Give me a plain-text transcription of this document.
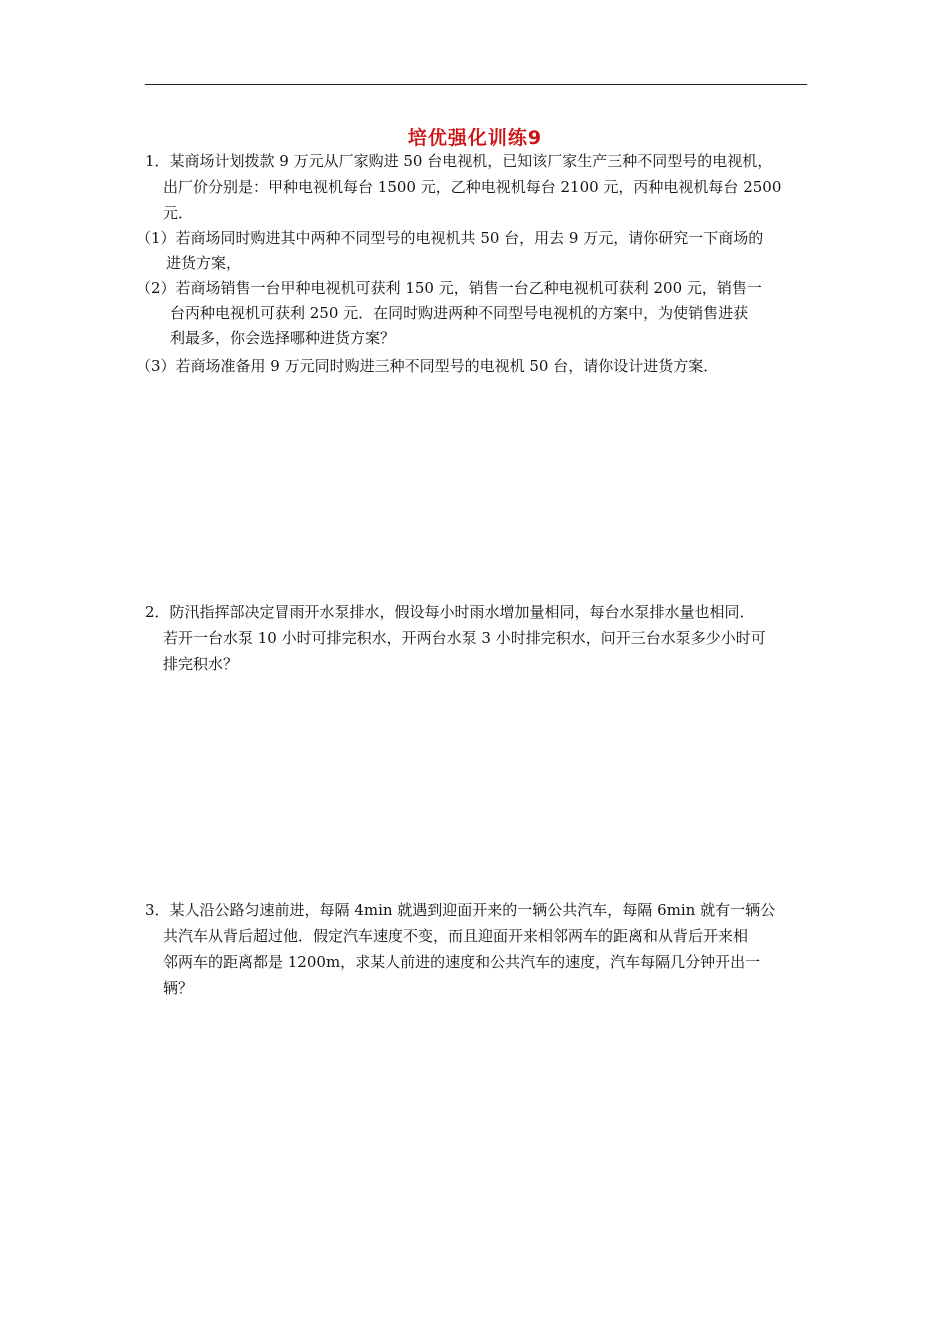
培优强化训练9
1．某商场计划拨款 9 万元从厂家购进 50 台电视机，已知该厂家生产三种不同型号的电视机，
出厂价分别是：甲种电视机每台 1500 元，乙种电视机每台 2100 元，丙种电视机每台 2500
元．
（1）若商场同时购进其中两种不同型号的电视机共 50 台，用去 9 万元，请你研究一下商场的
进货方案，
（2）若商场销售一台甲种电视机可获利 150 元，销售一台乙种电视机可获利 200 元，销售一
台丙种电视机可获利 250 元．在同时购进两种不同型号电视机的方案中，为使销售进获
利最多，你会选择哪种进货方案？
（3）若商场准备用 9 万元同时购进三种不同型号的电视机 50 台，请你设计进货方案．
2．防汛指挥部决定冒雨开水泵排水，假设每小时雨水增加量相同，每台水泵排水量也相同．
若开一台水泵 10 小时可排完积水，开两台水泵 3 小时排完积水，问开三台水泵多少小时可
排完积水？
3．某人沿公路匀速前进，每隔 4min 就遇到迎面开来的一辆公共汽车，每隔 6min 就有一辆公
共汽车从背后超过他．假定汽车速度不变，而且迎面开来相邻两车的距离和从背后开来相
邻两车的距离都是 1200m，求某人前进的速度和公共汽车的速度，汽车每隔几分钟开出一
辆？
